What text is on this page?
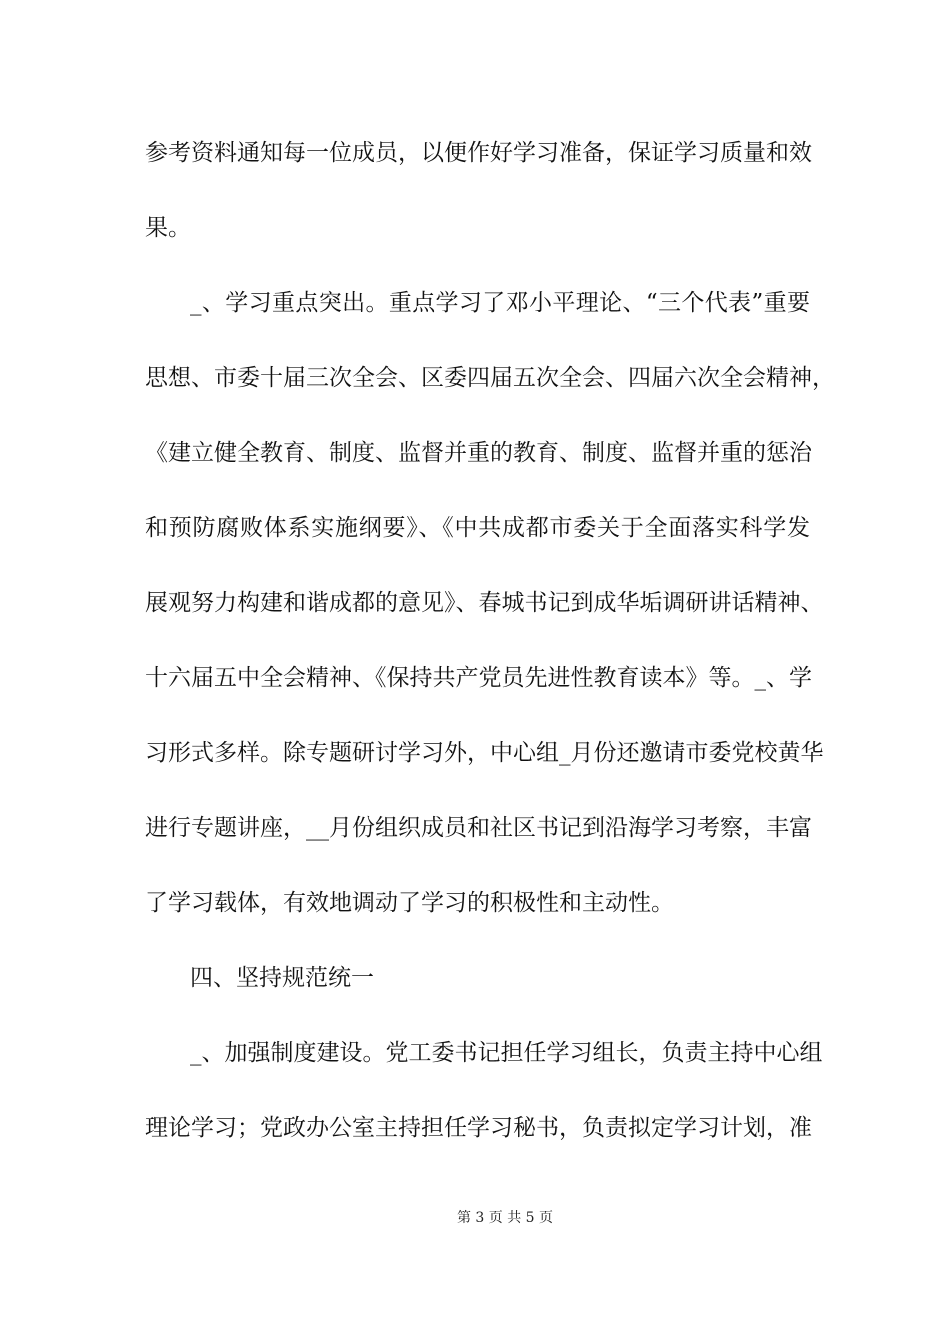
参考资料通知每一位成员，以便作好学习准备，保证学习质量和效
果。
_、学习重点突出。重点学习了邓小平理论、“三个代表”重要
思想、市委十届三次全会、区委四届五次全会、四届六次全会精神，
《建立健全教育、制度、监督并重的教育、制度、监督并重的惩治
和预防腐败体系实施纲要》、《中共成都市委关于全面落实科学发
展观努力构建和谐成都的意见》、春城书记到成华垢调研讲话精神、
十六届五中全会精神、《保持共产党员先进性教育读本》等。_、学
习形式多样。除专题研讨学习外，中心组_月份还邀请市委党校黄华
进行专题讲座，__月份组织成员和社区书记到沿海学习考察，丰富
了学习载体，有效地调动了学习的积极性和主动性。
四、坚持规范统一
_、加强制度建设。党工委书记担任学习组长，负责主持中心组
理论学习；党政办公室主持担任学习秘书，负责拟定学习计划，准
第 3 页 共 5 页
